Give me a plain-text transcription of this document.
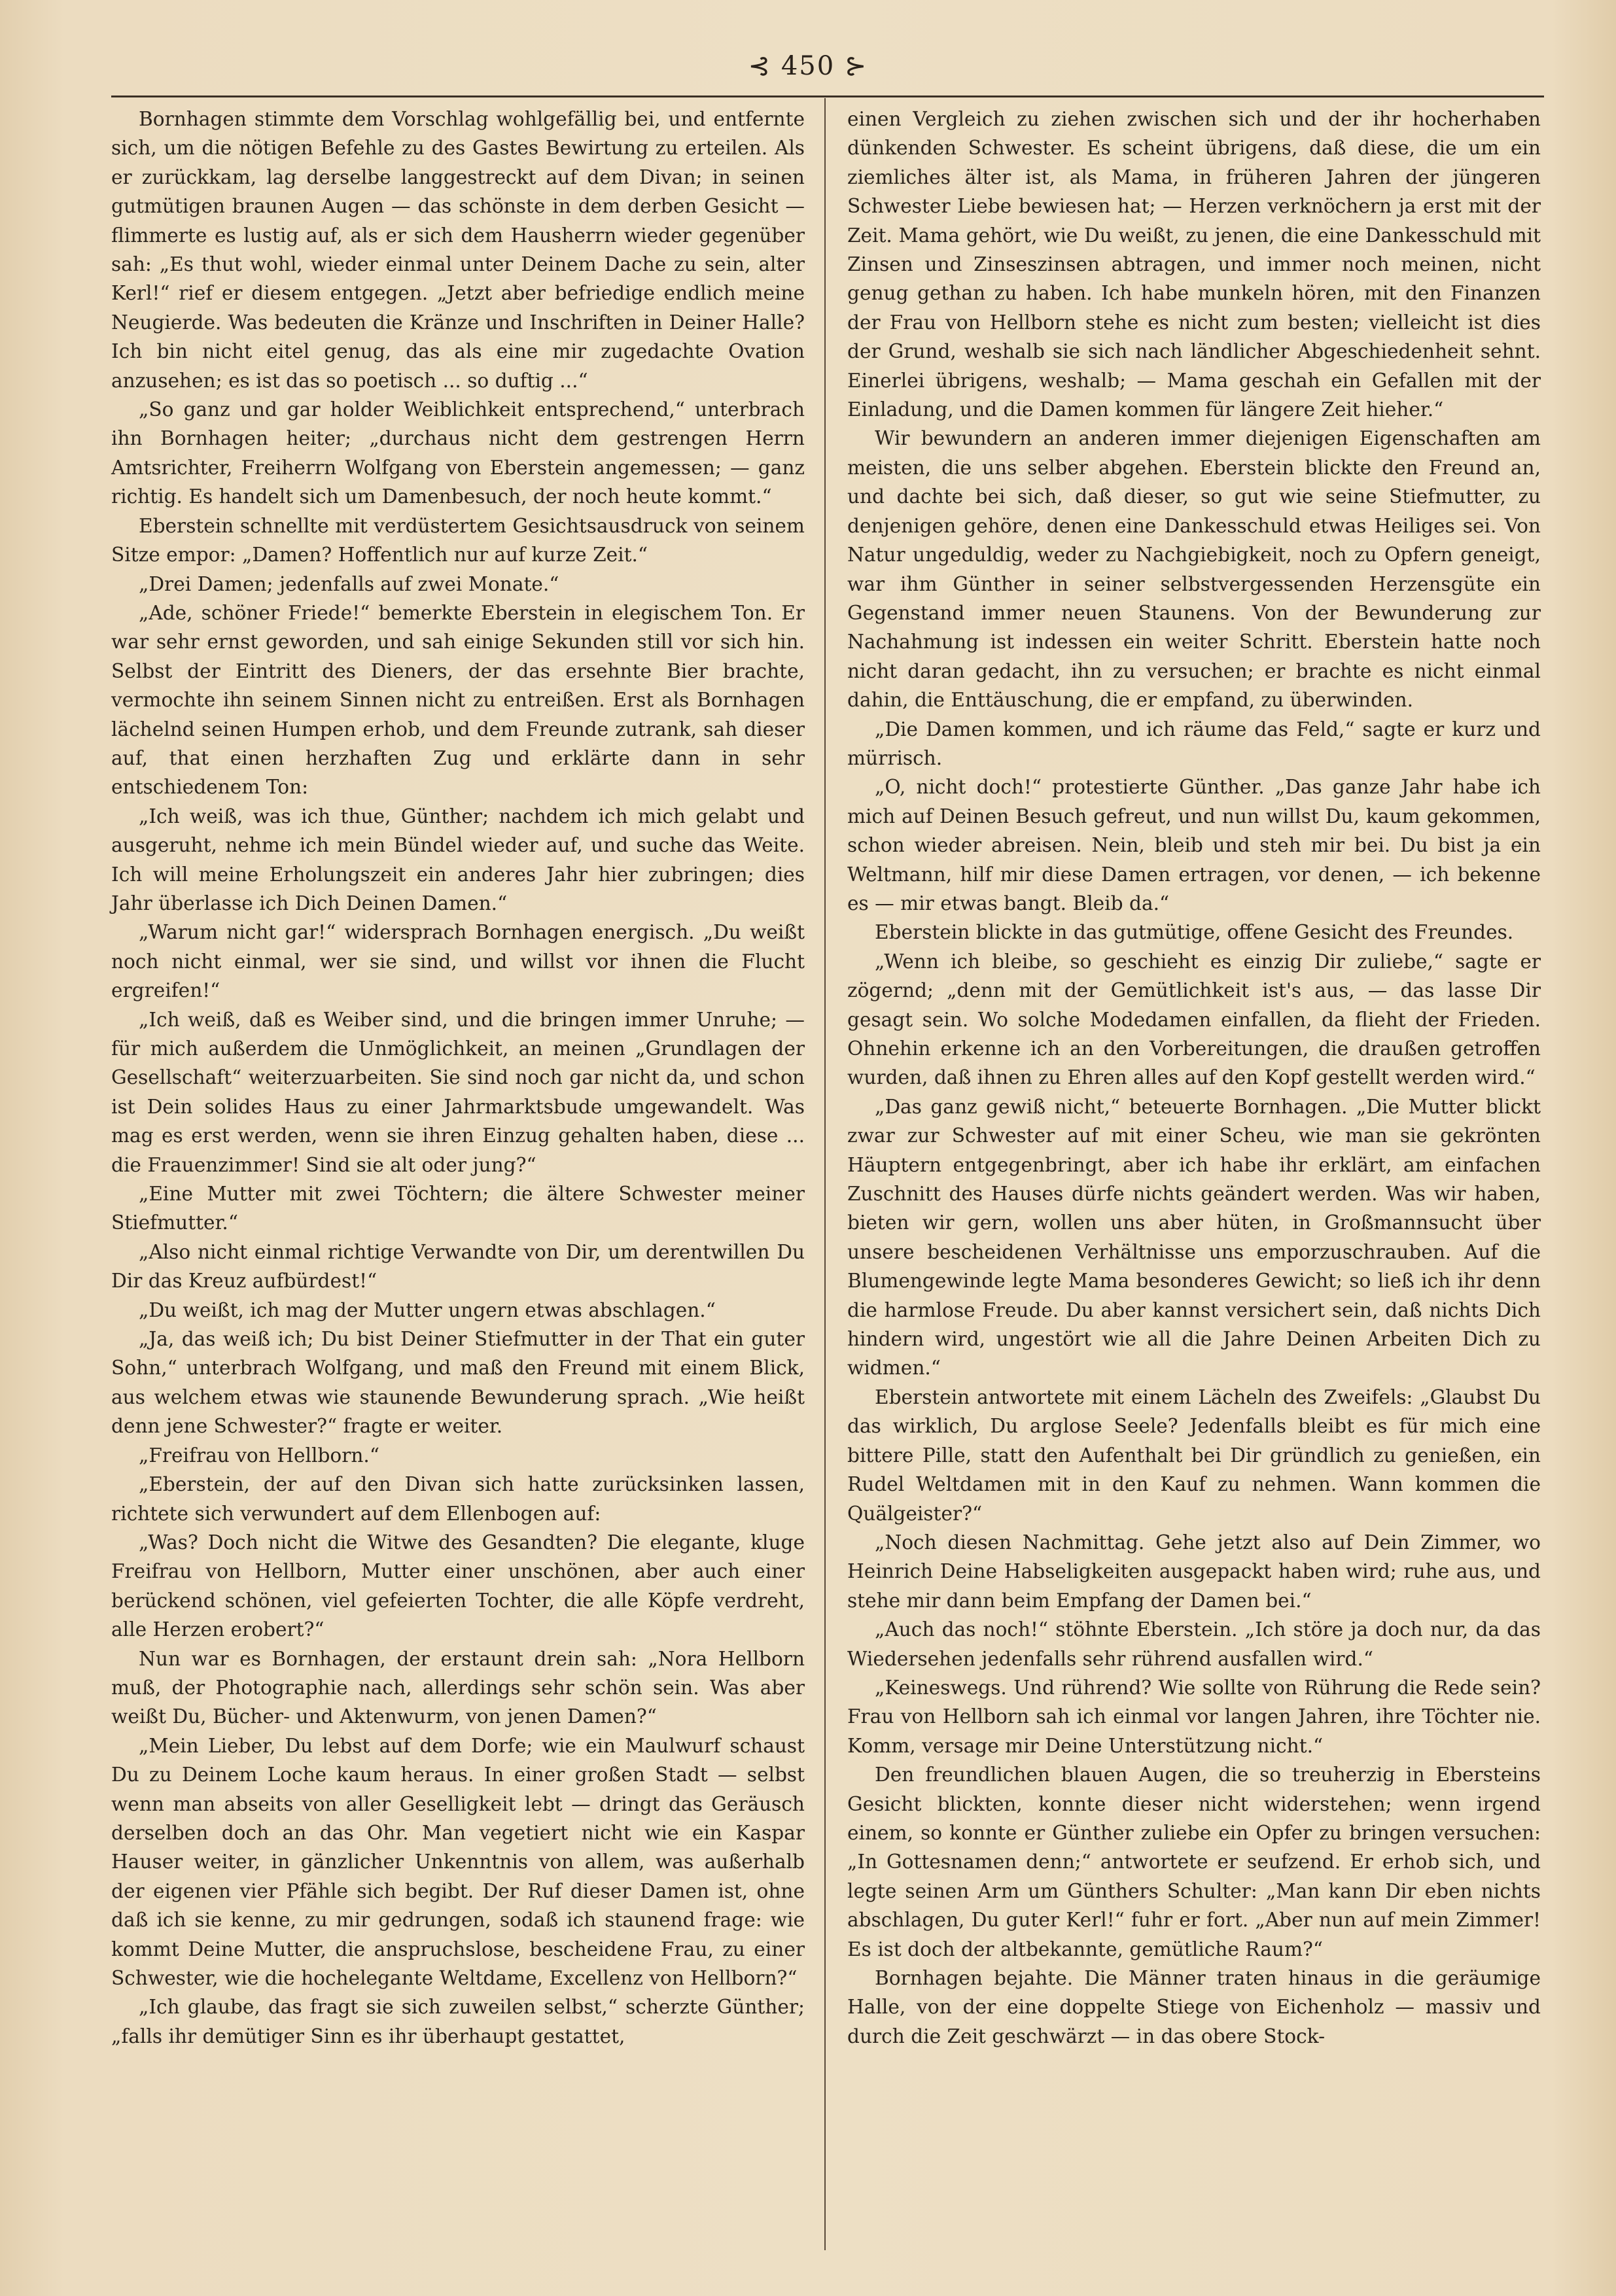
⊰ 450 ⊱

Bornhagen stimmte dem Vorschlag wohlgefällig bei, und entfernte sich, um die nötigen Befehle zu des Gastes Bewirtung zu erteilen. Als er zurückkam, lag derselbe langgestreckt auf dem Divan; in seinen gutmütigen braunen Augen — das schönste in dem derben Gesicht — flimmerte es lustig auf, als er sich dem Hausherrn wieder gegenüber sah: „Es thut wohl, wieder einmal unter Deinem Dache zu sein, alter Kerl!“ rief er diesem entgegen. „Jetzt aber befriedige endlich meine Neugierde. Was bedeuten die Kränze und Inschriften in Deiner Halle? Ich bin nicht eitel genug, das als eine mir zugedachte Ovation anzusehen; es ist das so poetisch ... so duftig ...“

„So ganz und gar holder Weiblichkeit entsprechend,“ unterbrach ihn Bornhagen heiter; „durchaus nicht dem gestrengen Herrn Amtsrichter, Freiherrn Wolfgang von Eberstein angemessen; — ganz richtig. Es handelt sich um Damenbesuch, der noch heute kommt.“

Eberstein schnellte mit verdüstertem Gesichtsausdruck von seinem Sitze empor: „Damen? Hoffentlich nur auf kurze Zeit.“

„Drei Damen; jedenfalls auf zwei Monate.“

„Ade, schöner Friede!“ bemerkte Eberstein in elegischem Ton. Er war sehr ernst geworden, und sah einige Sekunden still vor sich hin. Selbst der Eintritt des Dieners, der das ersehnte Bier brachte, vermochte ihn seinem Sinnen nicht zu entreißen. Erst als Bornhagen lächelnd seinen Humpen erhob, und dem Freunde zutrank, sah dieser auf, that einen herzhaften Zug und erklärte dann in sehr entschiedenem Ton:

„Ich weiß, was ich thue, Günther; nachdem ich mich gelabt und ausgeruht, nehme ich mein Bündel wieder auf, und suche das Weite. Ich will meine Erholungszeit ein anderes Jahr hier zubringen; dies Jahr überlasse ich Dich Deinen Damen.“

„Warum nicht gar!“ widersprach Bornhagen energisch. „Du weißt noch nicht einmal, wer sie sind, und willst vor ihnen die Flucht ergreifen!“

„Ich weiß, daß es Weiber sind, und die bringen immer Unruhe; — für mich außerdem die Unmöglichkeit, an meinen „Grundlagen der Gesellschaft“ weiterzuarbeiten. Sie sind noch gar nicht da, und schon ist Dein solides Haus zu einer Jahrmarktsbude umgewandelt. Was mag es erst werden, wenn sie ihren Einzug gehalten haben, diese ... die Frauenzimmer! Sind sie alt oder jung?“

„Eine Mutter mit zwei Töchtern; die ältere Schwester meiner Stiefmutter.“

„Also nicht einmal richtige Verwandte von Dir, um derentwillen Du Dir das Kreuz aufbürdest!“

„Du weißt, ich mag der Mutter ungern etwas abschlagen.“

„Ja, das weiß ich; Du bist Deiner Stiefmutter in der That ein guter Sohn,“ unterbrach Wolfgang, und maß den Freund mit einem Blick, aus welchem etwas wie staunende Bewunderung sprach. „Wie heißt denn jene Schwester?“ fragte er weiter.

„Freifrau von Hellborn.“

„Eberstein, der auf den Divan sich hatte zurücksinken lassen, richtete sich verwundert auf dem Ellenbogen auf:

„Was? Doch nicht die Witwe des Gesandten? Die elegante, kluge Freifrau von Hellborn, Mutter einer unschönen, aber auch einer berückend schönen, viel gefeierten Tochter, die alle Köpfe verdreht, alle Herzen erobert?“

Nun war es Bornhagen, der erstaunt drein sah: „Nora Hellborn muß, der Photographie nach, allerdings sehr schön sein. Was aber weißt Du, Bücher- und Aktenwurm, von jenen Damen?“

„Mein Lieber, Du lebst auf dem Dorfe; wie ein Maulwurf schaust Du zu Deinem Loche kaum heraus. In einer großen Stadt — selbst wenn man abseits von aller Geselligkeit lebt — dringt das Geräusch derselben doch an das Ohr. Man vegetiert nicht wie ein Kaspar Hauser weiter, in gänzlicher Unkenntnis von allem, was außerhalb der eigenen vier Pfähle sich begibt. Der Ruf dieser Damen ist, ohne daß ich sie kenne, zu mir gedrungen, sodaß ich staunend frage: wie kommt Deine Mutter, die anspruchslose, bescheidene Frau, zu einer Schwester, wie die hochelegante Weltdame, Excellenz von Hellborn?“

„Ich glaube, das fragt sie sich zuweilen selbst,“ scherzte Günther; „falls ihr demütiger Sinn es ihr überhaupt gestattet,

einen Vergleich zu ziehen zwischen sich und der ihr hocherhaben dünkenden Schwester. Es scheint übrigens, daß diese, die um ein ziemliches älter ist, als Mama, in früheren Jahren der jüngeren Schwester Liebe bewiesen hat; — Herzen verknöchern ja erst mit der Zeit. Mama gehört, wie Du weißt, zu jenen, die eine Dankesschuld mit Zinsen und Zinseszinsen abtragen, und immer noch meinen, nicht genug gethan zu haben. Ich habe munkeln hören, mit den Finanzen der Frau von Hellborn stehe es nicht zum besten; vielleicht ist dies der Grund, weshalb sie sich nach ländlicher Abgeschiedenheit sehnt. Einerlei übrigens, weshalb; — Mama geschah ein Gefallen mit der Einladung, und die Damen kommen für längere Zeit hieher.“

Wir bewundern an anderen immer diejenigen Eigenschaften am meisten, die uns selber abgehen. Eberstein blickte den Freund an, und dachte bei sich, daß dieser, so gut wie seine Stiefmutter, zu denjenigen gehöre, denen eine Dankesschuld etwas Heiliges sei. Von Natur ungeduldig, weder zu Nachgiebigkeit, noch zu Opfern geneigt, war ihm Günther in seiner selbstvergessenden Herzensgüte ein Gegenstand immer neuen Staunens. Von der Bewunderung zur Nachahmung ist indessen ein weiter Schritt. Eberstein hatte noch nicht daran gedacht, ihn zu versuchen; er brachte es nicht einmal dahin, die Enttäuschung, die er empfand, zu überwinden.

„Die Damen kommen, und ich räume das Feld,“ sagte er kurz und mürrisch.

„O, nicht doch!“ protestierte Günther. „Das ganze Jahr habe ich mich auf Deinen Besuch gefreut, und nun willst Du, kaum gekommen, schon wieder abreisen. Nein, bleib und steh mir bei. Du bist ja ein Weltmann, hilf mir diese Damen ertragen, vor denen, — ich bekenne es — mir etwas bangt. Bleib da.“

Eberstein blickte in das gutmütige, offene Gesicht des Freundes.

„Wenn ich bleibe, so geschieht es einzig Dir zuliebe,“ sagte er zögernd; „denn mit der Gemütlichkeit ist's aus, — das lasse Dir gesagt sein. Wo solche Modedamen einfallen, da flieht der Frieden. Ohnehin erkenne ich an den Vorbereitungen, die draußen getroffen wurden, daß ihnen zu Ehren alles auf den Kopf gestellt werden wird.“

„Das ganz gewiß nicht,“ beteuerte Bornhagen. „Die Mutter blickt zwar zur Schwester auf mit einer Scheu, wie man sie gekrönten Häuptern entgegenbringt, aber ich habe ihr erklärt, am einfachen Zuschnitt des Hauses dürfe nichts geändert werden. Was wir haben, bieten wir gern, wollen uns aber hüten, in Großmannsucht über unsere bescheidenen Verhältnisse uns emporzuschrauben. Auf die Blumengewinde legte Mama besonderes Gewicht; so ließ ich ihr denn die harmlose Freude. Du aber kannst versichert sein, daß nichts Dich hindern wird, ungestört wie all die Jahre Deinen Arbeiten Dich zu widmen.“

Eberstein antwortete mit einem Lächeln des Zweifels: „Glaubst Du das wirklich, Du arglose Seele? Jedenfalls bleibt es für mich eine bittere Pille, statt den Aufenthalt bei Dir gründlich zu genießen, ein Rudel Weltdamen mit in den Kauf zu nehmen. Wann kommen die Quälgeister?“

„Noch diesen Nachmittag. Gehe jetzt also auf Dein Zimmer, wo Heinrich Deine Habseligkeiten ausgepackt haben wird; ruhe aus, und stehe mir dann beim Empfang der Damen bei.“

„Auch das noch!“ stöhnte Eberstein. „Ich störe ja doch nur, da das Wiedersehen jedenfalls sehr rührend ausfallen wird.“

„Keineswegs. Und rührend? Wie sollte von Rührung die Rede sein? Frau von Hellborn sah ich einmal vor langen Jahren, ihre Töchter nie. Komm, versage mir Deine Unterstützung nicht.“

Den freundlichen blauen Augen, die so treuherzig in Ebersteins Gesicht blickten, konnte dieser nicht widerstehen; wenn irgend einem, so konnte er Günther zuliebe ein Opfer zu bringen versuchen: „In Gottesnamen denn;“ antwortete er seufzend. Er erhob sich, und legte seinen Arm um Günthers Schulter: „Man kann Dir eben nichts abschlagen, Du guter Kerl!“ fuhr er fort. „Aber nun auf mein Zimmer! Es ist doch der altbekannte, gemütliche Raum?“

Bornhagen bejahte. Die Männer traten hinaus in die geräumige Halle, von der eine doppelte Stiege von Eichenholz — massiv und durch die Zeit geschwärzt — in das obere Stock-
